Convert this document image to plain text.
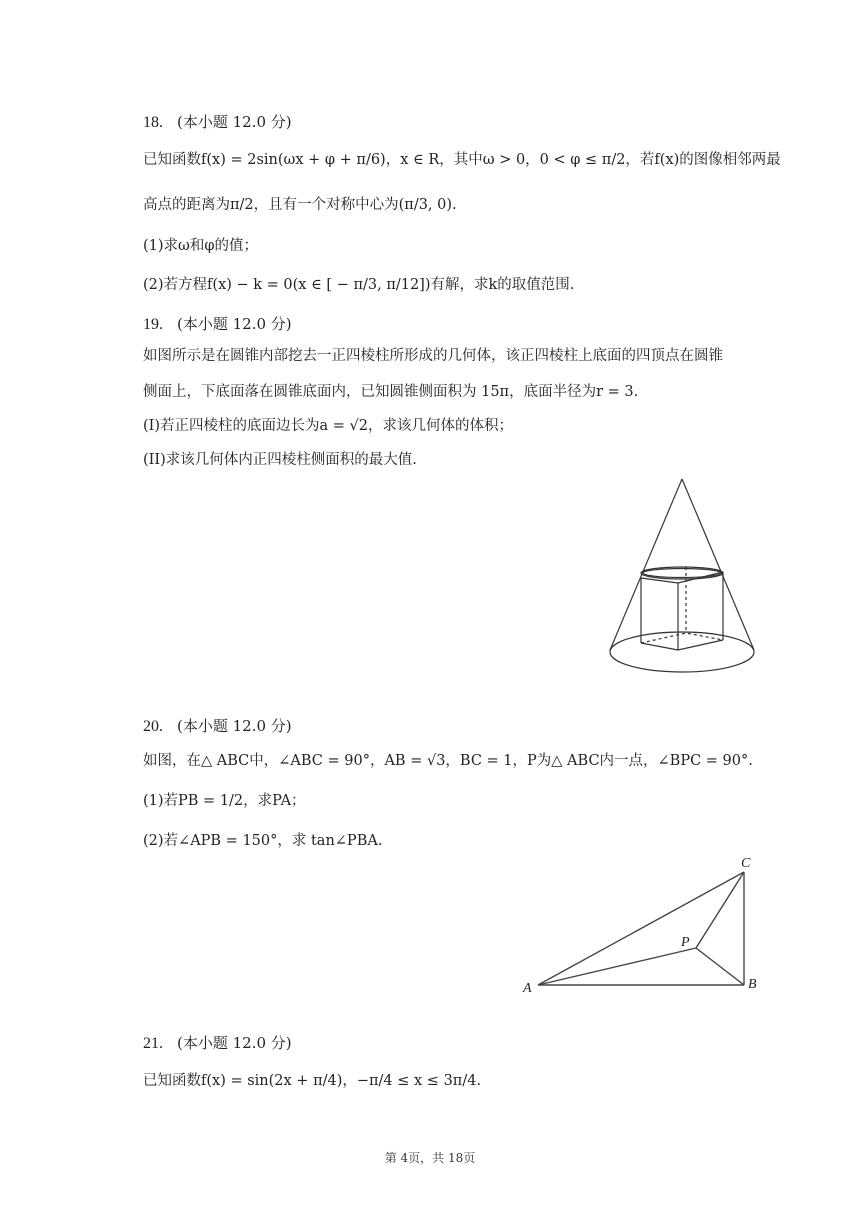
18. (本小题 12.0 分)
已知函数f(x) = 2sin(ωx + φ + π/6)，x ∈ R，其中ω > 0，0 < φ ≤ π/2，若f(x)的图像相邻两最
高点的距离为π/2，且有一个对称中心为(π/3, 0).
(1)求ω和φ的值；
(2)若方程f(x) − k = 0(x ∈ [ − π/3, π/12])有解，求k的取值范围.
19. (本小题 12.0 分)
如图所示是在圆锥内部挖去一正四棱柱所形成的几何体，该正四棱柱上底面的四顶点在圆锥
侧面上，下底面落在圆锥底面内，已知圆锥侧面积为 15π，底面半径为r = 3.
(I)若正四棱柱的底面边长为a = √2，求该几何体的体积；
(II)求该几何体内正四棱柱侧面积的最大值.
20. (本小题 12.0 分)
如图，在△ ABC中，∠ABC = 90°，AB = √3，BC = 1，P为△ ABC内一点，∠BPC = 90°.
(1)若PB = 1/2，求PA；
(2)若∠APB = 150°，求 tan∠PBA.
A	B
C
P
21. (本小题 12.0 分)
已知函数f(x) = sin(2x + π/4)，−π/4 ≤ x ≤ 3π/4.
第 4页，共 18页
